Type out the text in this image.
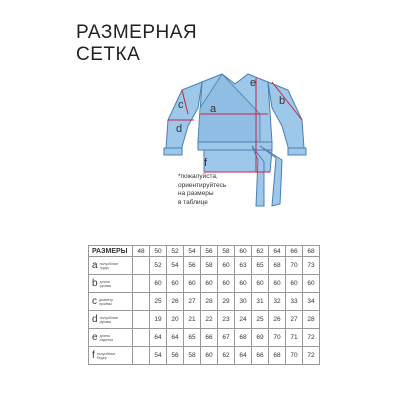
РАЗМЕРНАЯ
СЕТКА
a
b
c
d
e
f
*пожалуйста,
ориентируйтесь
на размеры
в таблице
РАЗМЕРЫ	48	50	52	54	56	58	60	62	64	66	68

a полуобхват
груди		52	54	56	58	60	63	65	68	70	73

b длина
рукава		60	60	60	60	60	60	60	60	60	60

c диаметр
проймы		25	26	27	28	29	30	31	32	33	34

d полуобхват
рукава		19	20	21	22	23	24	25	26	27	28

e длина
изделия		64	64	65	66	67	68	69	70	71	72

f полуобхват
бедер		54	56	58	60	62	64	66	68	70	72
